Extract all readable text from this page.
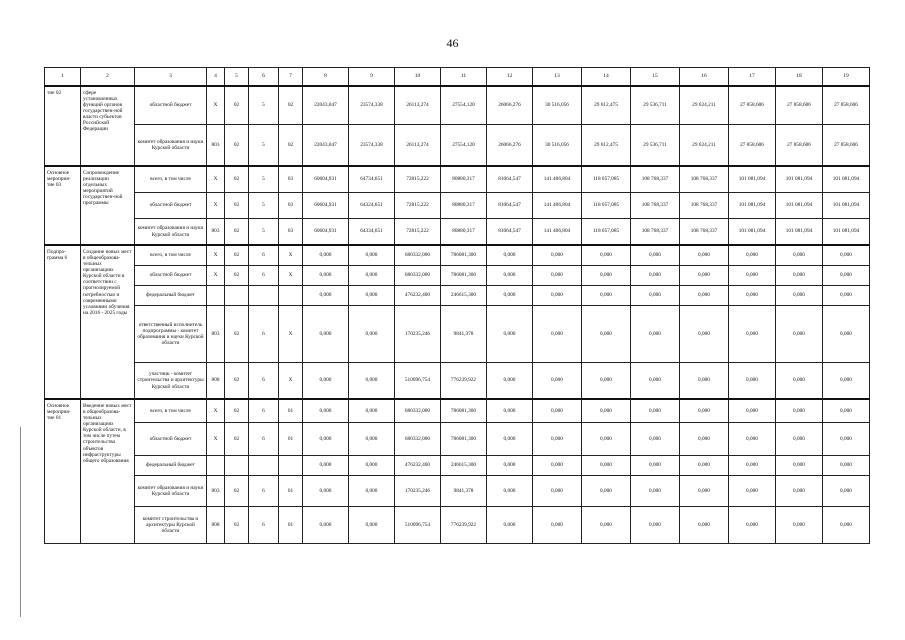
46
1	2	3	4	5	6	7	8	9	10	11	12	13	14	15	16	17	18	19
тие 02	сфере установленных функций органов государствен-ной власти субъектов Российской Федерации	областной бюджет	Х	02	5	02	22043,047	23574,338	26113,274	27554,120	26066,276	30 516,056	29 612,475	29 536,711	29 624,211	27 858,606	27 858,606	27 858,606
		комитет образования и науки Курской области	803	02	5	02	22043,047	23574,338	26113,274	27554,120	26066,276	30 516,056	29 612,475	29 536,711	29 624,211	27 858,606	27 858,606	27 858,606
Основное мероприя-тие 03	Сопровождение реализации отдельных мероприятий государствен-ной программы	всего, в том числе	Х	02	5	03	60604,931	64734,651	72815,222	80880,317	81064,547	141 406,804	118 057,085	108 768,337	108 768,337	101 081,094	101 081,094	101 081,094
		областной бюджет	Х	02	5	03	60604,931	64324,651	72815,222	80880,317	81064,547	141 406,804	118 057,085	108 768,337	108 768,337	101 081,094	101 081,094	101 081,094
		комитет образования и науки Курской области	803	02	5	03	60604,931	64334,651	72815,222	80880,317	81064,547	141 406,804	118 057,085	108 768,337	108 768,337	101 081,094	101 081,094	101 081,094
Подпро-грамма 6	Создание новых мест в общеобразова-тельных организациях Курской области в соответствии с прогнозируемой потребностью и современными условиями обучения на 2016 - 2025 годы	всего, в том числе	Х	02	6	Х	0,000	0,000	680332,000	786081,300	0,000	0,000	0,000	0,000	0,000	0,000	0,000	0,000
		областной бюджет	Х	02	6	Х	0,000	0,000	680332,000	786081,300	0,000	0,000	0,000	0,000	0,000	0,000	0,000	0,000
		федеральный бюджет					0,000	0,000	476232,400	246615,300	0,000	0,000	0,000	0,000	0,000	0,000	0,000	0,000
		ответственный исполнитель подпрограммы - комитет образования и науки Курской области	803	02	6	Х	0,000	0,000	170235,246	9841,378	0,000	0,000	0,000	0,000	0,000	0,000	0,000	0,000
		участник - комитет строительства и архитектуры Курской области	808	02	6	Х	0,000	0,000	510096,754	776239,922	0,000	0,000	0,000	0,000	0,000	0,000	0,000	0,000
Основное мероприя-тие 01	Введение новых мест в общеобразова-тельных организациях Курской области, в том числе путем строительства объектов инфраструктуры общего образования	всего, в том числе	Х	02	6	01	0,000	0,000	680332,000	786081,300	0,000	0,000	0,000	0,000	0,000	0,000	0,000	0,000
		областной бюджет	Х	02	6	01	0,000	0,000	680332,000	786081,300	0,000	0,000	0,000	0,000	0,000	0,000	0,000	0,000
		федеральный бюджет					0,000	0,000	476232,400	246615,300	0,000	0,000	0,000	0,000	0,000	0,000	0,000	0,000
		комитет образования и науки Курской области	803	02	6	01	0,000	0,000	170235,246	9841,378	0,000	0,000	0,000	0,000	0,000	0,000	0,000	0,000
		комитет строительства и архитектуры Курской области	808	02	6	01	0,000	0,000	510096,754	776239,922	0,000	0,000	0,000	0,000	0,000	0,000	0,000	0,000
